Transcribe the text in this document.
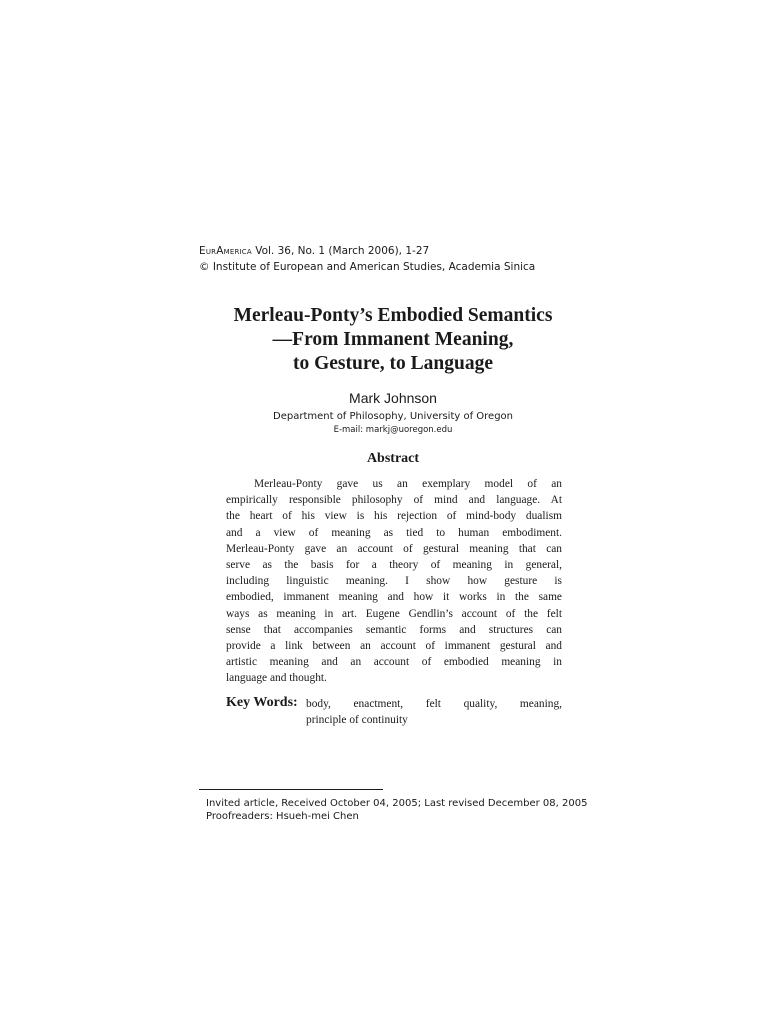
EurAmerica Vol. 36, No. 1 (March 2006), 1-27
© Institute of European and American Studies, Academia Sinica
Merleau-Ponty’s Embodied Semantics
—From Immanent Meaning,
to Gesture, to Language
Mark Johnson
Department of Philosophy, University of Oregon
E-mail: markj@uoregon.edu
Abstract
Merleau-Ponty gave us an exemplary model of an
empirically responsible philosophy of mind and language. At
the heart of his view is his rejection of mind-body dualism
and a view of meaning as tied to human embodiment.
Merleau-Ponty gave an account of gestural meaning that can
serve as the basis for a theory of meaning in general,
including linguistic meaning. I show how gesture is
embodied, immanent meaning and how it works in the same
ways as meaning in art. Eugene Gendlin’s account of the felt
sense that accompanies semantic forms and structures can
provide a link between an account of immanent gestural and
artistic meaning and an account of embodied meaning in
language and thought.
Key Words: body, enactment, felt quality, meaning,
principle of continuity
Invited article, Received October 04, 2005; Last revised December 08, 2005
Proofreaders: Hsueh-mei Chen
